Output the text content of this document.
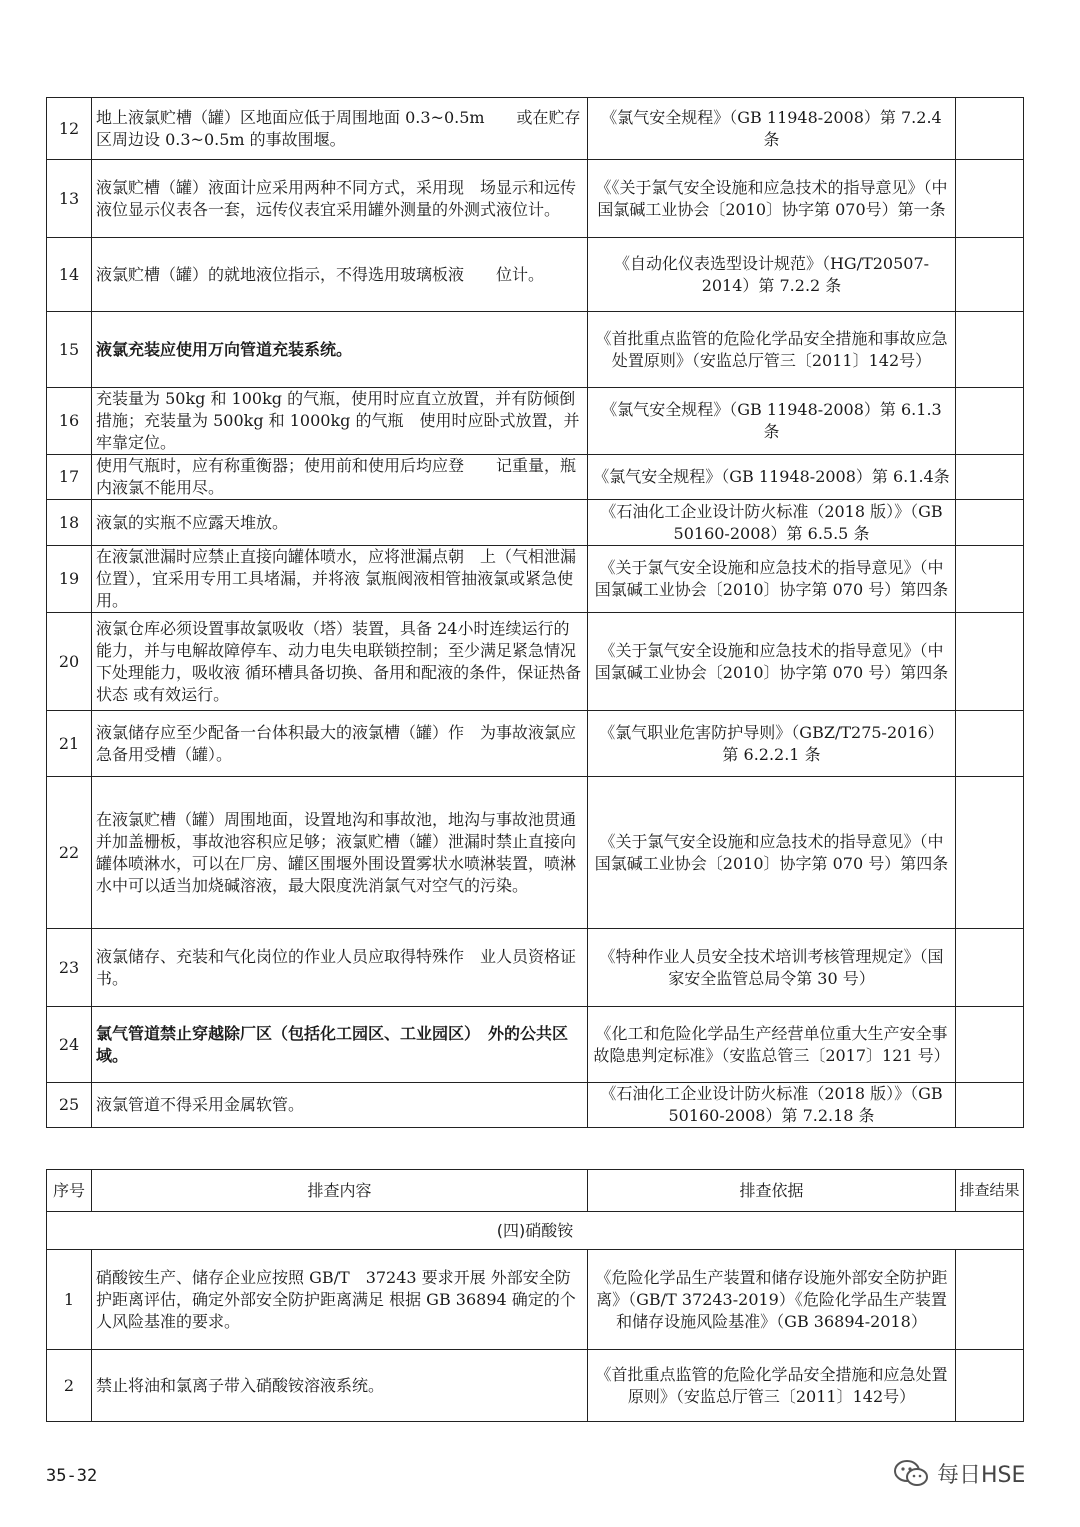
12	地上液氯贮槽（罐）区地面应低于周围地面 0.3~0.5m　　或在贮存区周边设 0.3~0.5m 的事故围堰。	《氯气安全规程》（GB 11948-2008）第 7.2.4 条	
13	液氯贮槽（罐）液面计应采用两种不同方式，采用现　场显示和远传液位显示仪表各一套，远传仪表宜采用罐外测量的外测式液位计。	《《关于氯气安全设施和应急技术的指导意见》（中国氯碱工业协会〔2010〕协字第 070号）第一条	
14	液氯贮槽（罐）的就地液位指示，不得选用玻璃板液　　位计。	《自动化仪表选型设计规范》（HG/T20507-2014）第 7.2.2 条	
15	液氯充装应使用万向管道充装系统。	《首批重点监管的危险化学品安全措施和事故应急处置原则》（安监总厅管三〔2011〕142号）	
16	充装量为 50kg 和 100kg 的气瓶，使用时应直立放置，并有防倾倒措施；充装量为 500kg 和 1000kg 的气瓶　使用时应卧式放置，并牢靠定位。	《氯气安全规程》（GB 11948-2008）第 6.1.3　条	
17	使用气瓶时，应有称重衡器；使用前和使用后均应登　　记重量，瓶内液氯不能用尽。	《氯气安全规程》（GB 11948-2008）第 6.1.4条	
18	液氯的实瓶不应露天堆放。	《石油化工企业设计防火标准（2018 版）》（GB 50160-2008）第 6.5.5 条	
19	在液氯泄漏时应禁止直接向罐体喷水，应将泄漏点朝　上（气相泄漏位置），宜采用专用工具堵漏，并将液 氯瓶阀液相管抽液氯或紧急使用。	《关于氯气安全设施和应急技术的指导意见》（中国氯碱工业协会〔2010〕协字第 070 号）第四条	
20	液氯仓库必须设置事故氯吸收（塔）装置，具备 24小时连续运行的能力，并与电解故障停车、动力电失电联锁控制；至少满足紧急情况下处理能力，吸收液 循环槽具备切换、备用和配液的条件，保证热备状态 或有效运行。	《关于氯气安全设施和应急技术的指导意见》（中国氯碱工业协会〔2010〕协字第 070 号）第四条	
21	液氯储存应至少配备一台体积最大的液氯槽（罐）作　为事故液氯应急备用受槽（罐）。	《氯气职业危害防护导则》（GBZ/T275-2016）第 6.2.2.1 条	
22	在液氯贮槽（罐）周围地面，设置地沟和事故池，地沟与事故池贯通并加盖栅板，事故池容积应足够；液氯贮槽（罐）泄漏时禁止直接向罐体喷淋水，可以在厂房、罐区围堰外围设置雾状水喷淋装置，喷淋水中可以适当加烧碱溶液，最大限度洗消氯气对空气的污染。	《关于氯气安全设施和应急技术的指导意见》（中国氯碱工业协会〔2010〕协字第 070 号）第四条	
23	液氯储存、充装和气化岗位的作业人员应取得特殊作　业人员资格证书。	《特种作业人员安全技术培训考核管理规定》（国家安全监管总局令第 30 号）	
24	氯气管道禁止穿越除厂区（包括化工园区、工业园区）　外的公共区域。	《化工和危险化学品生产经营单位重大生产安全事故隐患判定标准》（安监总管三〔2017〕121 号）	
25	液氯管道不得采用金属软管。	《石油化工企业设计防火标准（2018 版）》（GB 50160-2008）第 7.2.18 条	
序号	排查内容	排查依据	排查结果
(四)硝酸铵			
1	硝酸铵生产、储存企业应按照 GB/T　37243 要求开展 外部安全防护距离评估，确定外部安全防护距离满足 根据 GB 36894 确定的个人风险基准的要求。	《危险化学品生产装置和储存设施外部安全防护距离》（GB/T 37243-2019）《危险化学品生产装置和储存设施风险基准》（GB 36894-2018）	
2	禁止将油和氯离子带入硝酸铵溶液系统。	《首批重点监管的危险化学品安全措施和应急处置原则》（安监总厅管三〔2011〕142号）	
35-32	每日HSE
